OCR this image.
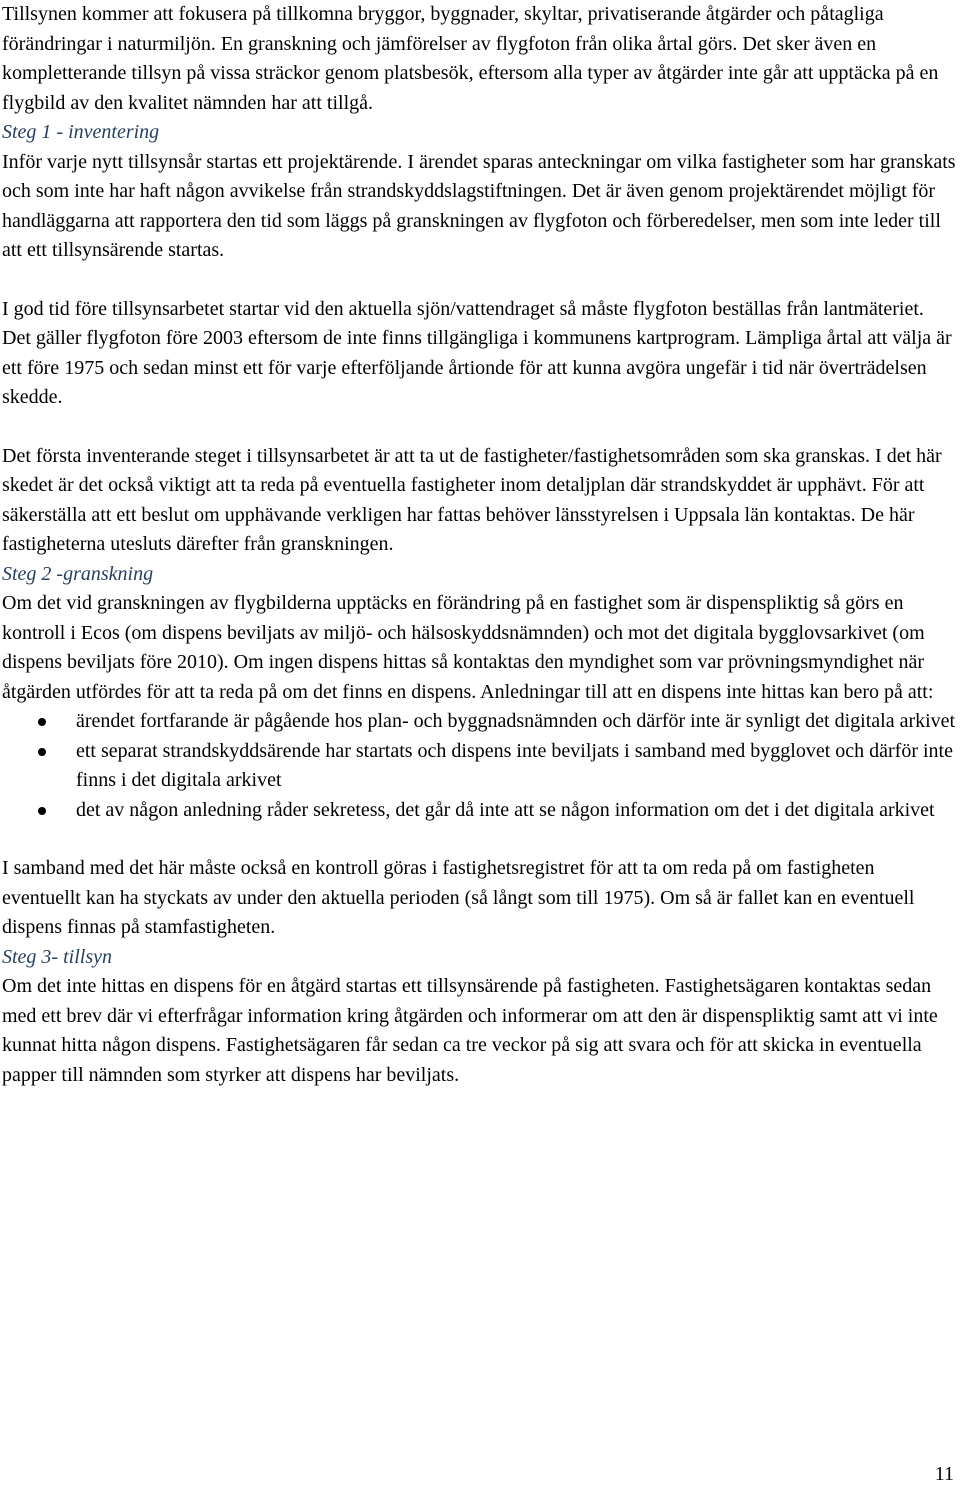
Tillsynen kommer att fokusera på tillkomna bryggor, byggnader, skyltar, privatiserande åtgärder och påtagliga förändringar i naturmiljön. En granskning och jämförelser av flygfoton från olika årtal görs. Det sker även en kompletterande tillsyn på vissa sträckor genom platsbesök, eftersom alla typer av åtgärder inte går att upptäcka på en flygbild av den kvalitet nämnden har att tillgå.

Steg 1 - inventering

Inför varje nytt tillsynsår startas ett projektärende. I ärendet sparas anteckningar om vilka fastigheter som har granskats och som inte har haft någon avvikelse från strandskyddslagstiftningen. Det är även genom projektärendet möjligt för handläggarna att rapportera den tid som läggs på granskningen av flygfoton och förberedelser, men som inte leder till att ett tillsynsärende startas.

I god tid före tillsynsarbetet startar vid den aktuella sjön/vattendraget så måste flygfoton beställas från lantmäteriet. Det gäller flygfoton före 2003 eftersom de inte finns tillgängliga i kommunens kartprogram. Lämpliga årtal att välja är ett före 1975 och sedan minst ett för varje efterföljande årtionde för att kunna avgöra ungefär i tid när överträdelsen skedde.

Det första inventerande steget i tillsynsarbetet är att ta ut de fastigheter/fastighetsområden som ska granskas. I det här skedet är det också viktigt att ta reda på eventuella fastigheter inom detaljplan där strandskyddet är upphävt. För att säkerställa att ett beslut om upphävande verkligen har fattas behöver länsstyrelsen i Uppsala län kontaktas. De här fastigheterna utesluts därefter från granskningen.

Steg 2 -granskning

Om det vid granskningen av flygbilderna upptäcks en förändring på en fastighet som är dispenspliktig så görs en kontroll i Ecos (om dispens beviljats av miljö- och hälsoskyddsnämnden) och mot det digitala bygglovsarkivet (om dispens beviljats före 2010). Om ingen dispens hittas så kontaktas den myndighet som var prövningsmyndighet när åtgärden utfördes för att ta reda på om det finns en dispens. Anledningar till att en dispens inte hittas kan bero på att:

ärendet fortfarande är pågående hos plan- och byggnadsnämnden och därför inte är synligt det digitala arkivet
ett separat strandskyddsärende har startats och dispens inte beviljats i samband med bygglovet och därför inte finns i det digitala arkivet
det av någon anledning råder sekretess, det går då inte att se någon information om det i det digitala arkivet

I samband med det här måste också en kontroll göras i fastighetsregistret för att ta om reda på om fastigheten eventuellt kan ha styckats av under den aktuella perioden (så långt som till 1975). Om så är fallet kan en eventuell dispens finnas på stamfastigheten.

Steg 3- tillsyn

Om det inte hittas en dispens för en åtgärd startas ett tillsynsärende på fastigheten. Fastighetsägaren kontaktas sedan med ett brev där vi efterfrågar information kring åtgärden och informerar om att den är dispenspliktig samt att vi inte kunnat hitta någon dispens. Fastighetsägaren får sedan ca tre veckor på sig att svara och för att skicka in eventuella papper till nämnden som styrker att dispens har beviljats.

11
